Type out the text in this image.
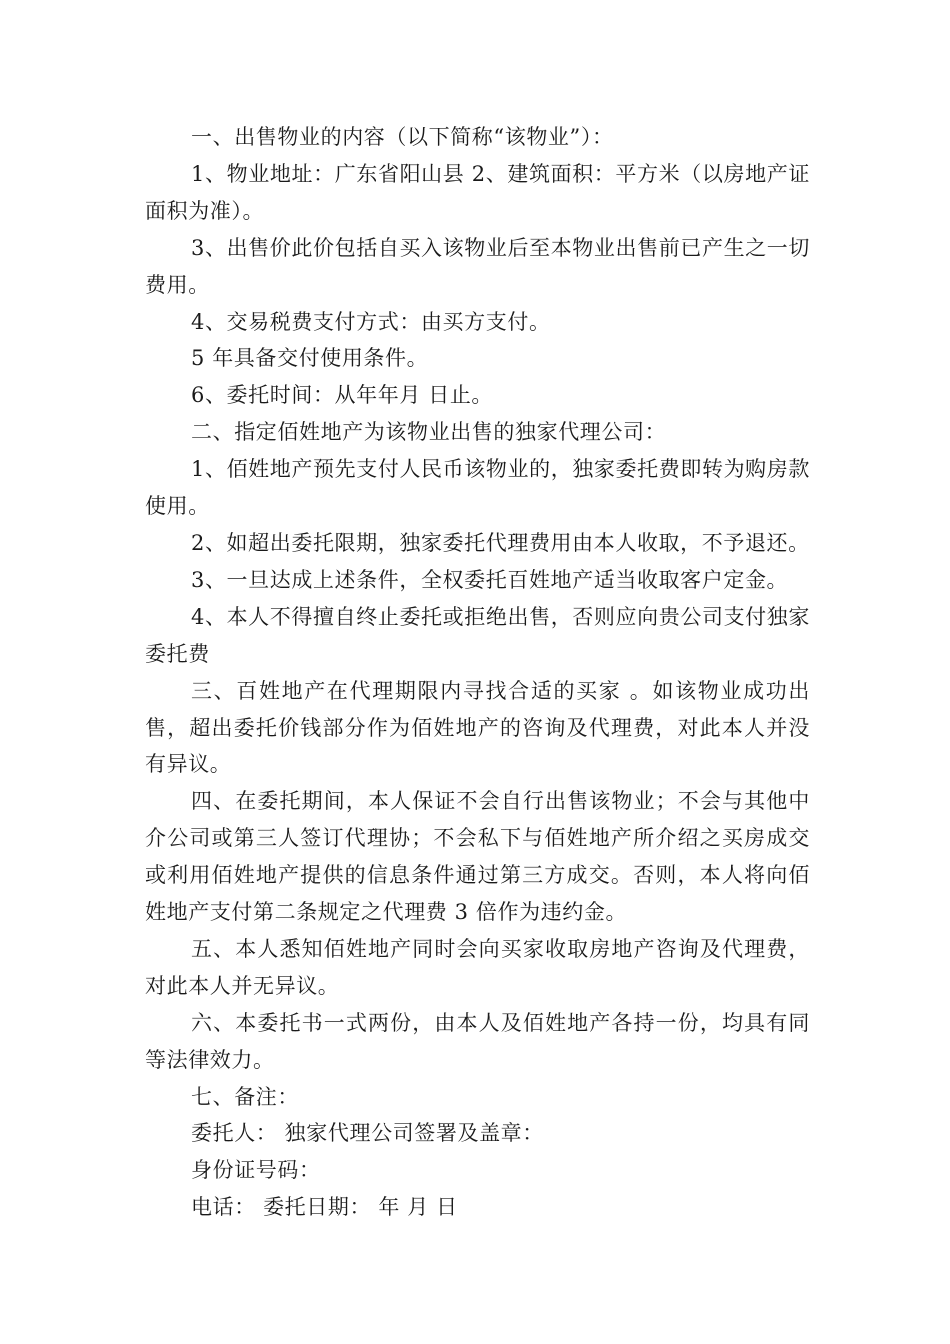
一、出售物业的内容（以下简称“该物业”）：

1、物业地址：广东省阳山县 2、建筑面积：平方米（以房地产证面积为准）。

3、出售价此价包括自买入该物业后至本物业出售前已产生之一切费用。

4、交易税费支付方式：由买方支付。

5 年具备交付使用条件。

6、委托时间：从年年月 日止。

二、指定佰姓地产为该物业出售的独家代理公司：

1、佰姓地产预先支付人民币该物业的，独家委托费即转为购房款使用。

2、如超出委托限期，独家委托代理费用由本人收取，不予退还。

3、一旦达成上述条件，全权委托百姓地产适当收取客户定金。

4、本人不得擅自终止委托或拒绝出售，否则应向贵公司支付独家委托费

三、百姓地产在代理期限内寻找合适的买家 。如该物业成功出售，超出委托价钱部分作为佰姓地产的咨询及代理费，对此本人并没有异议。

四、在委托期间，本人保证不会自行出售该物业；不会与其他中介公司或第三人签订代理协；不会私下与佰姓地产所介绍之买房成交或利用佰姓地产提供的信息条件通过第三方成交。否则，本人将向佰姓地产支付第二条规定之代理费 3 倍作为违约金。

五、本人悉知佰姓地产同时会向买家收取房地产咨询及代理费，对此本人并无异议。

六、本委托书一式两份，由本人及佰姓地产各持一份，均具有同等法律效力。

七、备注：

委托人： 独家代理公司签署及盖章：

身份证号码：

电话： 委托日期： 年 月 日
